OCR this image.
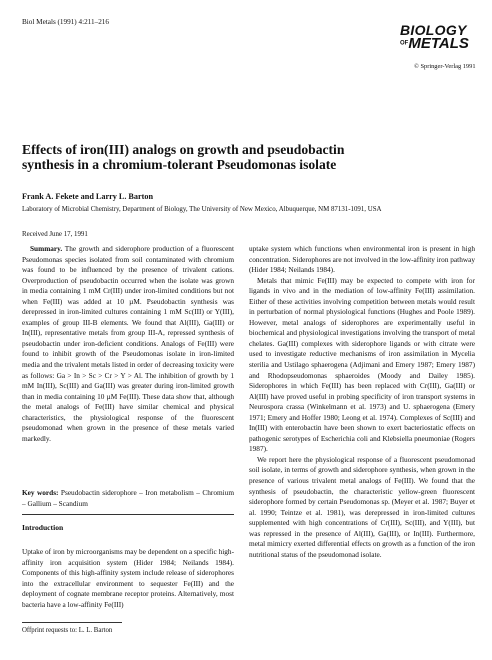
Biol Metals (1991) 4:211–216	BIOLOGY
OFMETALS
© Springer-Verlag 1991
Effects of iron(III) analogs on growth and pseudobactin synthesis in a chromium-tolerant Pseudomonas isolate
Frank A. Fekete and Larry L. Barton
Laboratory of Microbial Chemistry, Department of Biology, The University of New Mexico, Albuquerque, NM 87131-1091, USA
Received June 17, 1991

Summary. The growth and siderophore production of a fluorescent Pseudomonas species isolated from soil contaminated with chromium was found to be influenced by the presence of trivalent cations. Overproduction of pseudobactin occurred when the isolate was grown in media containing 1 mM Cr(III) under iron-limited conditions but not when Fe(III) was added at 10 µM. Pseudobactin synthesis was derepressed in iron-limited cultures containing 1 mM Sc(III) or Y(III), examples of group III-B elements. We found that Al(III), Ga(III) or In(III), representative metals from group III-A, repressed synthesis of pseudobactin under iron-deficient conditions. Analogs of Fe(III) were found to inhibit growth of the Pseudomonas isolate in iron-limited media and the trivalent metals listed in order of decreasing toxicity were as follows: Ga > In > Sc > Cr > Y > Al. The inhibition of growth by 1 mM In(III), Sc(III) and Ga(III) was greater during iron-limited growth than in media containing 10 µM Fe(III). These data show that, although the metal analogs of Fe(III) have similar chemical and physical characteristics, the physiological response of the fluorescent pseudomonad when grown in the presence of these metals varied markedly.

Key words: Pseudobactin siderophore – Iron metabolism – Chromium – Gallium – Scandium
Introduction

Uptake of iron by microorganisms may be dependent on a specific high-affinity iron acquisition system (Hider 1984; Neilands 1984). Components of this high-affinity system include release of siderophores into the extracellular environment to sequester Fe(III) and the deployment of cognate membrane receptor proteins. Alternatively, most bacteria have a low-affinity Fe(III)

uptake system which functions when environmental iron is present in high concentration. Siderophores are not involved in the low-affinity iron pathway (Hider 1984; Neilands 1984).

Metals that mimic Fe(III) may be expected to compete with iron for ligands in vivo and in the mediation of low-affinity Fe(III) assimilation. Either of these activities involving competition between metals would result in perturbation of normal physiological functions (Hughes and Poole 1989). However, metal analogs of siderophores are experimentally useful in biochemical and physiological investigations involving the transport of metal chelates. Ga(III) complexes with siderophore ligands or with citrate were used to investigate reductive mechanisms of iron assimilation in Mycelia sterilia and Ustilago sphaerogena (Adjimani and Emery 1987; Emery 1987) and Rhodopseudomonas sphaeroides (Moody and Dailey 1985). Siderophores in which Fe(III) has been replaced with Cr(III), Ga(III) or Al(III) have proved useful in probing specificity of iron transport systems in Neurospora crassa (Winkelmann et al. 1973) and U. sphaerogena (Emery 1971; Emery and Hoffer 1980; Leong et al. 1974). Complexes of Sc(III) and In(III) with enterobactin have been shown to exert bacteriostatic effects on pathogenic serotypes of Escherichia coli and Klebsiella pneumoniae (Rogers 1987).

We report here the physiological response of a fluorescent pseudomonad soil isolate, in terms of growth and siderophore synthesis, when grown in the presence of various trivalent metal analogs of Fe(III). We found that the synthesis of pseudobactin, the characteristic yellow-green fluorescent siderophore formed by certain Pseudomonas sp. (Meyer et al. 1987; Buyer et al. 1990; Teintze et al. 1981), was derepressed in iron-limited cultures supplemented with high concentrations of Cr(III), Sc(III), and Y(III), but was repressed in the presence of Al(III), Ga(III), or In(III). Furthermore, metal mimicry exerted differential effects on growth as a function of the iron nutritional status of the pseudomonad isolate.

Offprint requests to: L. L. Barton
